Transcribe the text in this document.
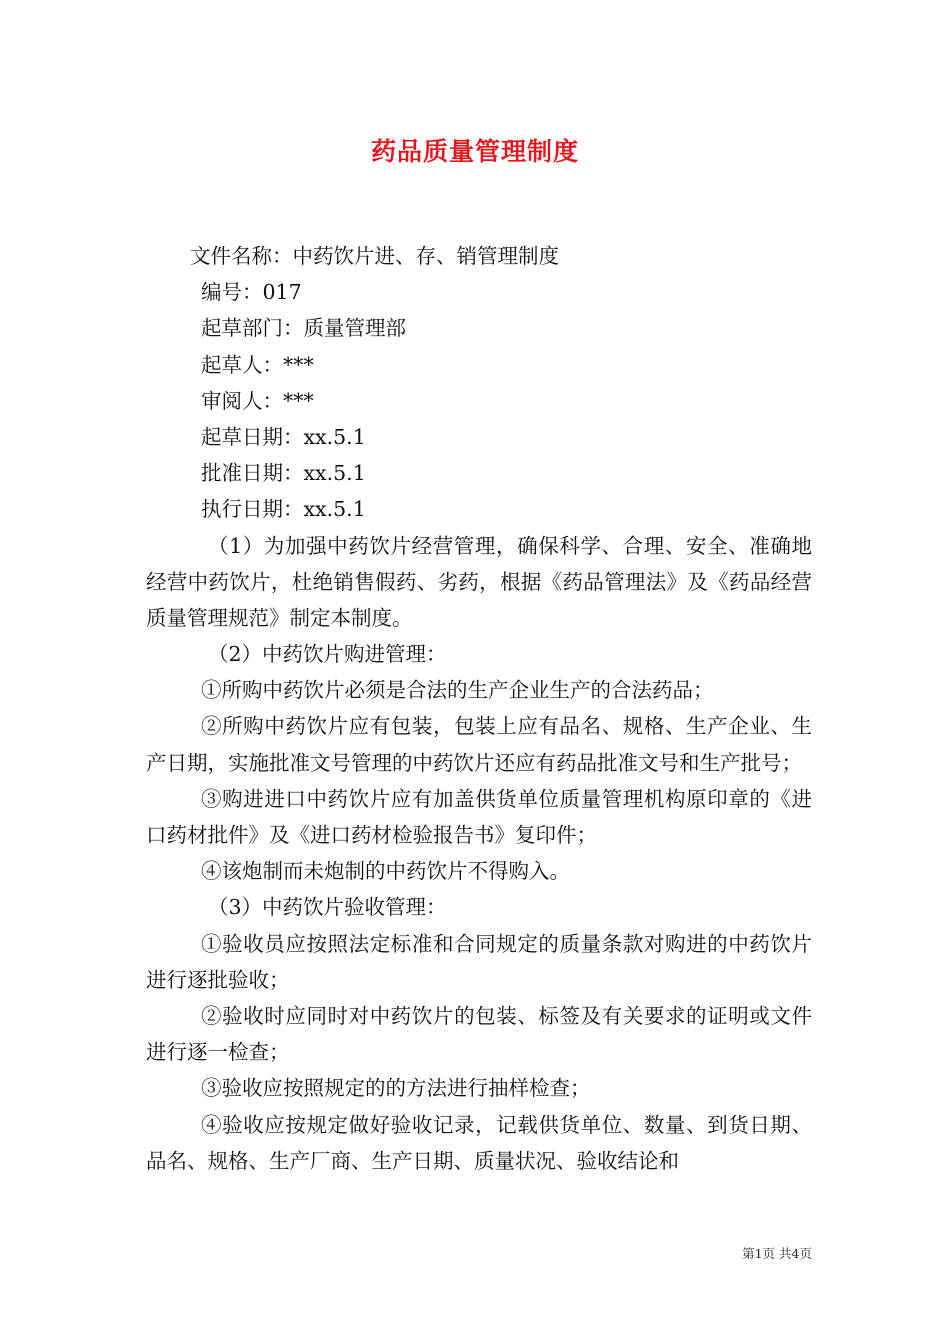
药品质量管理制度
文件名称：中药饮片进、存、销管理制度
编号：017
起草部门：质量管理部
起草人：***
审阅人：***
起草日期：xx.5.1
批准日期：xx.5.1
执行日期：xx.5.1
（1）为加强中药饮片经营管理，确保科学、合理、安全、准确地经营中药饮片，杜绝销售假药、劣药，根据《药品管理法》及《药品经营质量管理规范》制定本制度。
（2）中药饮片购进管理：
①所购中药饮片必须是合法的生产企业生产的合法药品；
②所购中药饮片应有包装，包装上应有品名、规格、生产企业、生产日期，实施批准文号管理的中药饮片还应有药品批准文号和生产批号；
③购进进口中药饮片应有加盖供货单位质量管理机构原印章的《进口药材批件》及《进口药材检验报告书》复印件；
④该炮制而未炮制的中药饮片不得购入。
（3）中药饮片验收管理：
①验收员应按照法定标准和合同规定的质量条款对购进的中药饮片进行逐批验收；
②验收时应同时对中药饮片的包装、标签及有关要求的证明或文件进行逐一检查；
③验收应按照规定的的方法进行抽样检查；
④验收应按规定做好验收记录，记载供货单位、数量、到货日期、品名、规格、生产厂商、生产日期、质量状况、验收结论和
第1页 共4页
